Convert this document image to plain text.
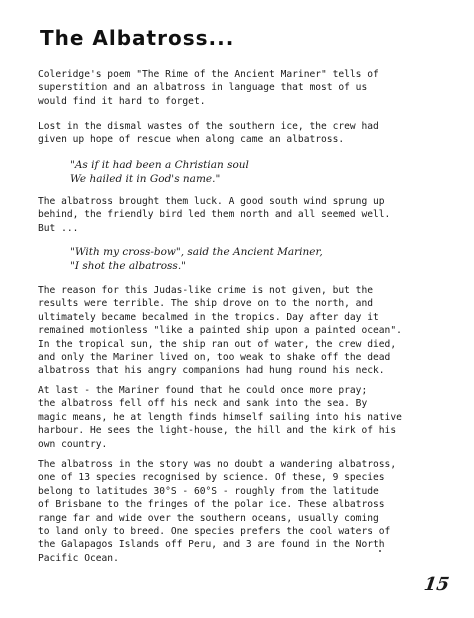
The Albatross...

Coleridge's poem "The Rime of the Ancient Mariner" tells of
superstition and an albatross in language that most of us
would find it hard to forget.

Lost in the dismal wastes of the southern ice, the crew had
given up hope of rescue when along came an albatross.

"As if it had been a Christian soul
We hailed it in God's name."

The albatross brought them luck. A good south wind sprung up
behind, the friendly bird led them north and all seemed well.
But ...

"With my cross-bow", said the Ancient Mariner,
"I shot the albatross."

The reason for this Judas-like crime is not given, but the
results were terrible. The ship drove on to the north, and
ultimately became becalmed in the tropics. Day after day it
remained motionless "like a painted ship upon a painted ocean".
In the tropical sun, the ship ran out of water, the crew died,
and only the Mariner lived on, too weak to shake off the dead
albatross that his angry companions had hung round his neck.

At last - the Mariner found that he could once more pray;
the albatross fell off his neck and sank into the sea. By
magic means, he at length finds himself sailing into his native
harbour. He sees the light-house, the hill and the kirk of his
own country.

The albatross in the story was no doubt a wandering albatross,
one of 13 species recognised by science. Of these, 9 species
belong to latitudes 30°S - 60°S - roughly from the latitude
of Brisbane to the fringes of the polar ice. These albatross
range far and wide over the southern oceans, usually coming
to land only to breed. One species prefers the cool waters of
the Galapagos Islands off Peru, and 3 are found in the North
Pacific Ocean.

15
